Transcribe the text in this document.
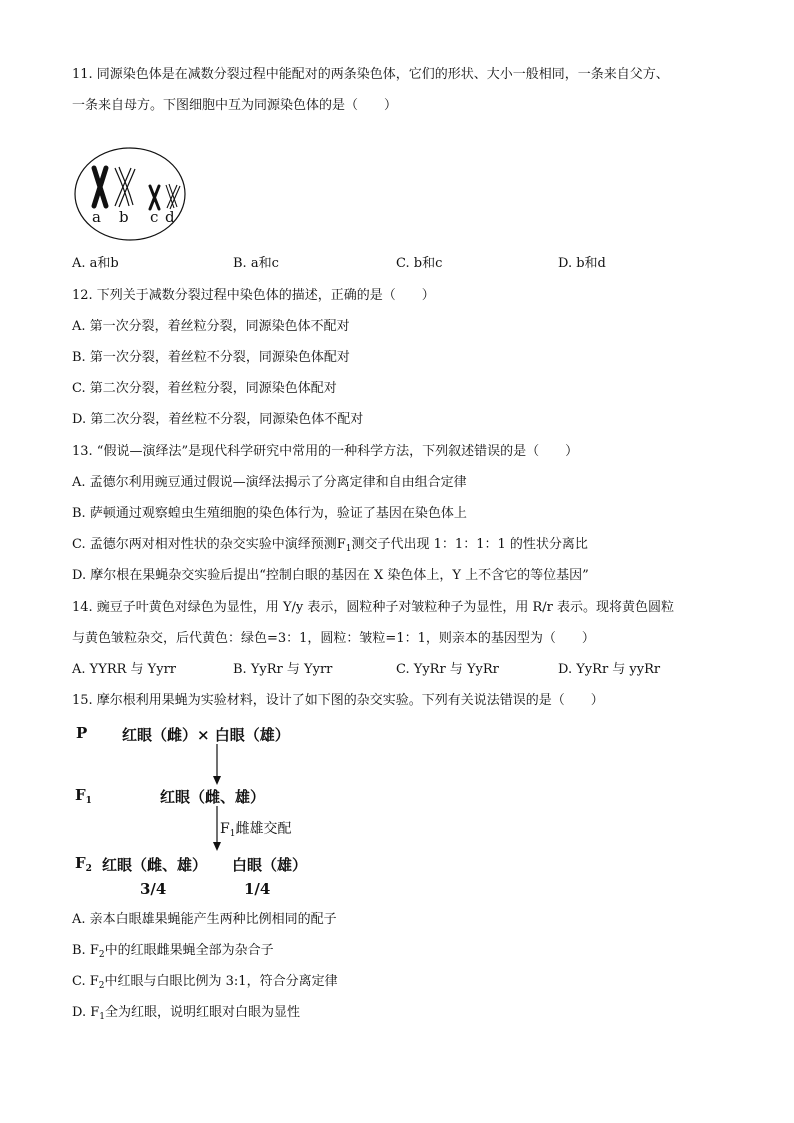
11. 同源染色体是在减数分裂过程中能配对的两条染色体，它们的形状、大小一般相同，一条来自父方、
一条来自母方。下图细胞中互为同源染色体的是（　　）
a b c d
A. a和b	B. a和c	C. b和c	D. b和d
12. 下列关于减数分裂过程中染色体的描述，正确的是（　　）
A. 第一次分裂，着丝粒分裂，同源染色体不配对
B. 第一次分裂，着丝粒不分裂，同源染色体配对
C. 第二次分裂，着丝粒分裂，同源染色体配对
D. 第二次分裂，着丝粒不分裂，同源染色体不配对
13. “假说—演绎法”是现代科学研究中常用的一种科学方法，下列叙述错误的是（　　）
A. 孟德尔利用豌豆通过假说—演绎法揭示了分离定律和自由组合定律
B. 萨顿通过观察蝗虫生殖细胞的染色体行为，验证了基因在染色体上
C. 孟德尔两对相对性状的杂交实验中演绎预测$F_1$测交子代出现 1：1：1：1 的性状分离比
D. 摩尔根在果蝇杂交实验后提出“控制白眼的基因在 X 染色体上，Y 上不含它的等位基因”
14. 豌豆子叶黄色对绿色为显性，用 Y/y 表示，圆粒种子对皱粒种子为显性，用 R/r 表示。现将黄色圆粒
与黄色皱粒杂交，后代黄色：绿色=3：1，圆粒：皱粒=1：1，则亲本的基因型为（　　）
A. YYRR 与 Yyrr	B. YyRr 与 Yyrr	C. YyRr 与 YyRr	D. YyRr 与 yyRr
15. 摩尔根利用果蝇为实验材料，设计了如下图的杂交实验。下列有关说法错误的是（　　）
P 红眼（雌）× 白眼（雄）
$F_1$	红眼（雌、雄）
$F_1$雌雄交配
$F_2$ 红眼（雌、雄） 白眼（雄）
3/4	1/4
A. 亲本白眼雄果蝇能产生两种比例相同的配子
B. $F_2$中的红眼雌果蝇全部为杂合子
C. $F_2$中红眼与白眼比例为 3:1，符合分离定律
D. $F_1$全为红眼，说明红眼对白眼为显性
